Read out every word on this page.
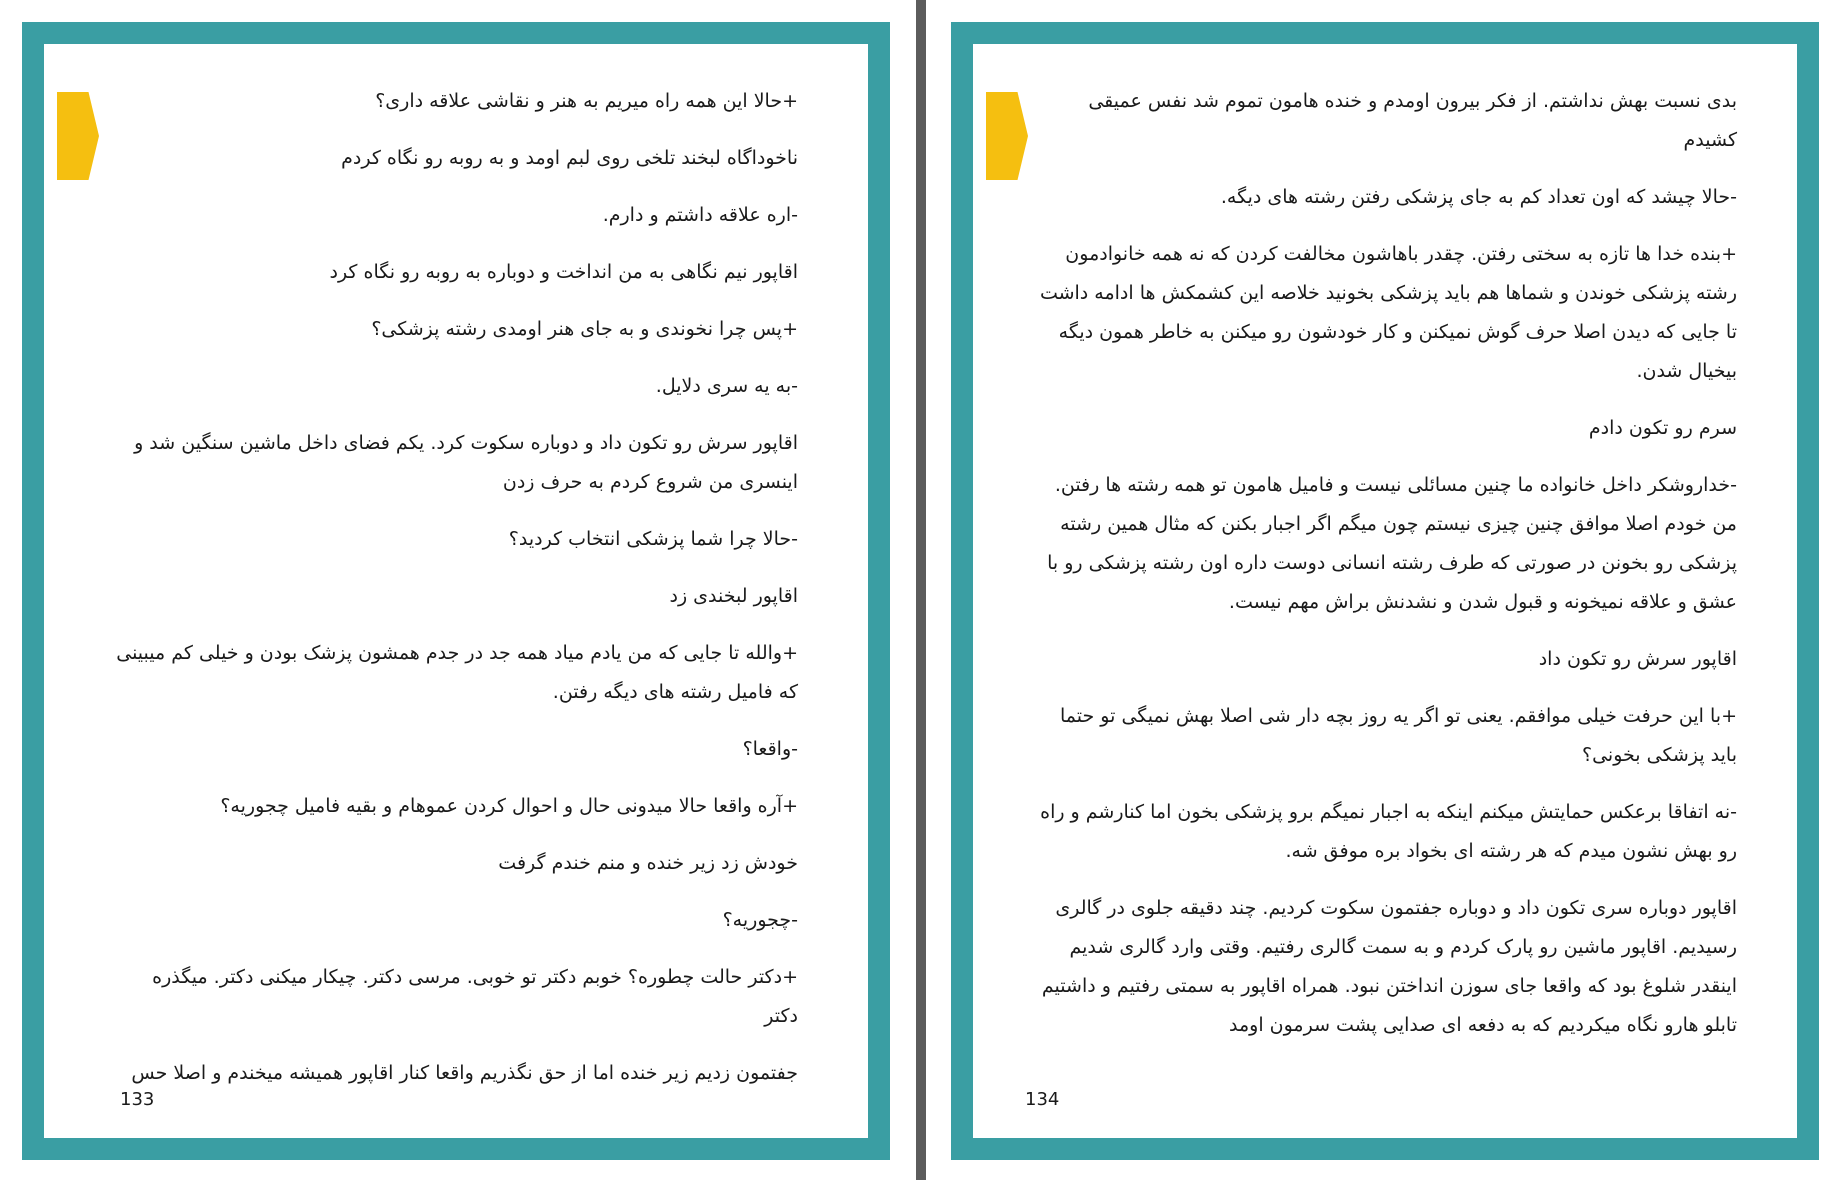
+حالا این همه راه میریم به هنر و نقاشی علاقه داری؟

ناخوداگاه لبخند تلخی روی لبم اومد و به روبه رو نگاه کردم

-اره علاقه داشتم و دارم.

اقاپور نیم نگاهی به من انداخت و دوباره به روبه رو نگاه کرد

+پس چرا نخوندی و به جای هنر اومدی رشته پزشکی؟

-به یه سری دلایل.

اقاپور سرش رو تکون داد و دوباره سکوت کرد. یکم فضای داخل ماشین سنگین شد و اینسری من شروع کردم به حرف زدن

-حالا چرا شما پزشکی انتخاب کردید؟

اقاپور لبخندی زد

+والله تا جایی که من یادم میاد همه جد در جدم همشون پزشک بودن و خیلی کم میبینی که فامیل رشته های دیگه رفتن.

-واقعا؟

+آره واقعا حالا میدونی حال و احوال کردن عموهام و بقیه فامیل چجوریه؟

خودش زد زیر خنده و منم خندم گرفت

-چجوریه؟

+دکتر حالت چطوره؟ خوبم دکتر تو خوبی. مرسی دکتر. چیکار میکنی دکتر. میگذره دکتر

جفتمون زدیم زیر خنده اما از حق نگذریم واقعا کنار اقاپور همیشه میخندم و اصلا حس

133

بدی نسبت بهش نداشتم. از فکر بیرون اومدم و خنده هامون تموم شد نفس عمیقی کشیدم

-حالا چیشد که اون تعداد کم به جای پزشکی رفتن رشته های دیگه.

+بنده خدا ها تازه به سختی رفتن. چقدر باهاشون مخالفت کردن که نه همه خانوادمون رشته پزشکی خوندن و شماها هم باید پزشکی بخونید خلاصه این کشمکش ها ادامه داشت تا جایی که دیدن اصلا حرف گوش نمیکنن و کار خودشون رو میکنن به خاطر همون دیگه بیخیال شدن.

سرم رو تکون دادم

-خداروشکر داخل خانواده ما چنین مسائلی نیست و فامیل هامون تو همه رشته ها رفتن. من خودم اصلا موافق چنین چیزی نیستم چون میگم اگر اجبار بکنن که مثال همین رشته پزشکی رو بخونن در صورتی که طرف رشته انسانی دوست داره اون رشته پزشکی رو با عشق و علاقه نمیخونه و قبول شدن و نشدنش براش مهم نیست.

اقاپور سرش رو تکون داد

+با این حرفت خیلی موافقم. یعنی تو اگر یه روز بچه دار شی اصلا بهش نمیگی تو حتما باید پزشکی بخونی؟

-نه اتفاقا برعکس حمایتش میکنم اینکه به اجبار نمیگم برو پزشکی بخون اما کنارشم و راه رو بهش نشون میدم که هر رشته ای بخواد بره موفق شه.

اقاپور دوباره سری تکون داد و دوباره جفتمون سکوت کردیم. چند دقیقه جلوی در گالری رسیدیم. اقاپور ماشین رو پارک کردم و به سمت گالری رفتیم. وقتی وارد گالری شدیم اینقدر شلوغ بود که واقعا جای سوزن انداختن نبود. همراه اقاپور به سمتی رفتیم و داشتیم تابلو هارو نگاه میکردیم که به دفعه ای صدایی پشت سرمون اومد

134
